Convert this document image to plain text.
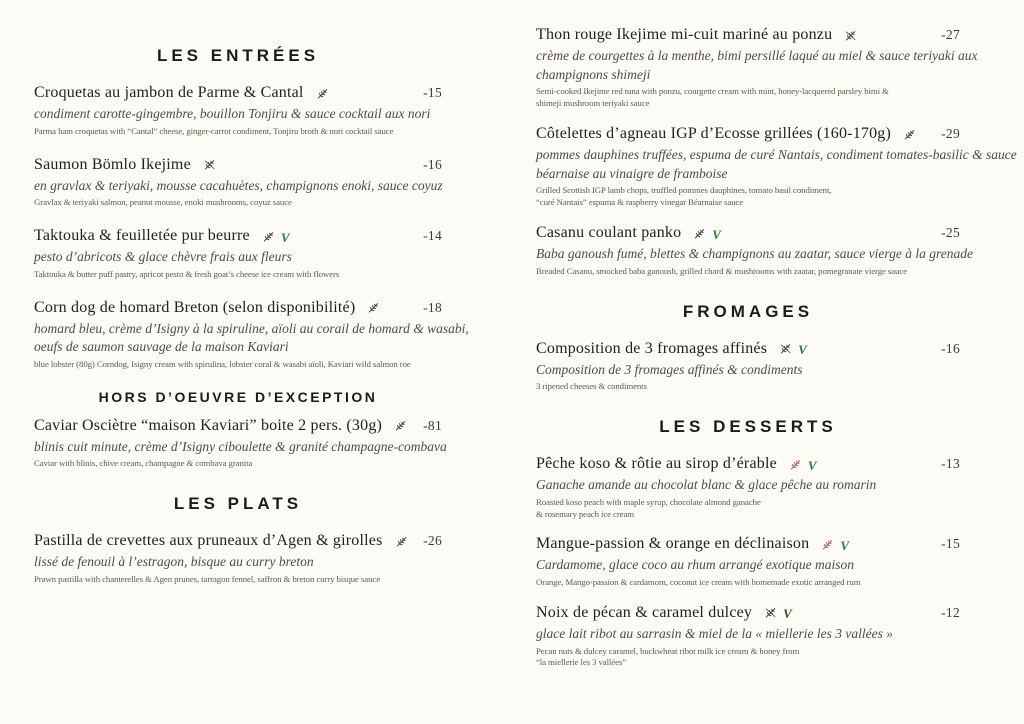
LES ENTRÉES
Croquetas au jambon de Parme & Cantal	-15
condiment carotte-gingembre, bouillon Tonjiru & sauce cocktail aux nori
Parma ham croquetas with “Cantal” cheese, ginger-carrot condiment, Tonjiru broth & nori cocktail sauce
Saumon Bömlo Ikejime	-16
en gravlax & teriyaki, mousse cacahuètes, champignons enoki, sauce coyuz
Gravlax & teriyaki salmon, peanut mousse, enoki mushrooms, coyuz sauce
Taktouka & feuilletée pur beurre V	-14
pesto d’abricots & glace chèvre frais aux fleurs
Taktouka & butter puff pastry, apricot pesto & fresh goat’s cheese ice cream with flowers
Corn dog de homard Breton (selon disponibilité)	-18
homard bleu, crème d’Isigny à la spiruline, aïoli au corail de homard & wasabi,
oeufs de saumon sauvage de la maison Kaviari
blue lobster (80g) Corndog, Isigny cream with spirulina, lobster coral & wasabi aïoli, Kaviari wild salmon roe
HORS D’OEUVRE D’EXCEPTION
Caviar Osciètre “maison Kaviari” boite 2 pers. (30g)	-81
blinis cuit minute, crème d’Isigny ciboulette & granité champagne-combava
Caviar with blinis, chive cream, champagne & combava granita
LES PLATS
Pastilla de crevettes aux pruneaux d’Agen & girolles	-26
lissé de fenouil à l’estragon, bisque au curry breton
Prawn pastilla with chanterelles & Agen prunes, tarragon fennel, saffron & breton curry bisque sauce
Thon rouge Ikejime mi-cuit mariné au ponzu	-27
crème de courgettes à la menthe, bimi persillé laqué au miel & sauce teriyaki aux
champignons shimeji
Semi-cooked Ikejime red tuna with ponzu, courgette cream with mint, honey-lacquered parsley bimi &
shimeji mushroom teriyaki sauce
Côtelettes d’agneau IGP d’Ecosse grillées (160-170g)	-29
pommes dauphines truffées, espuma de curé Nantais, condiment tomates-basilic & sauce
béarnaise au vinaigre de framboise
Grilled Scottish IGP lamb chops, truffled pommes dauphines, tomato basil condiment,
“curé Nantais” espuma & raspberry vinegar Béarnaise sauce
Casanu coulant panko V	-25
Baba ganoush fumé, blettes & champignons au zaatar, sauce vierge à la grenade
Breaded Casanu, smocked baba ganoush, grilled chard & mushrooms with zaatar, pomegranate vierge sauce
FROMAGES
Composition de 3 fromages affinés V	-16
Composition de 3 fromages affinés & condiments
3 ripened cheeses & condiments
LES DESSERTS
Pêche koso & rôtie au sirop d’érable V	-13
Ganache amande au chocolat blanc & glace pêche au romarin
Roasted koso peach with maple syrup, chocolate almond ganache
& rosemary peach ice cream
Mangue-passion & orange en déclinaison V	-15
Cardamome, glace coco au rhum arrangé exotique maison
Orange, Mango-passion & cardamom, coconut ice cream with homemade exotic arranged rum
Noix de pécan & caramel dulcey V	-12
glace lait ribot au sarrasin & miel de la « miellerie les 3 vallées »
Pecan nuts & dulcey caramel, buckwheat ribot milk ice cream & honey from
“la miellerie les 3 vallées”
